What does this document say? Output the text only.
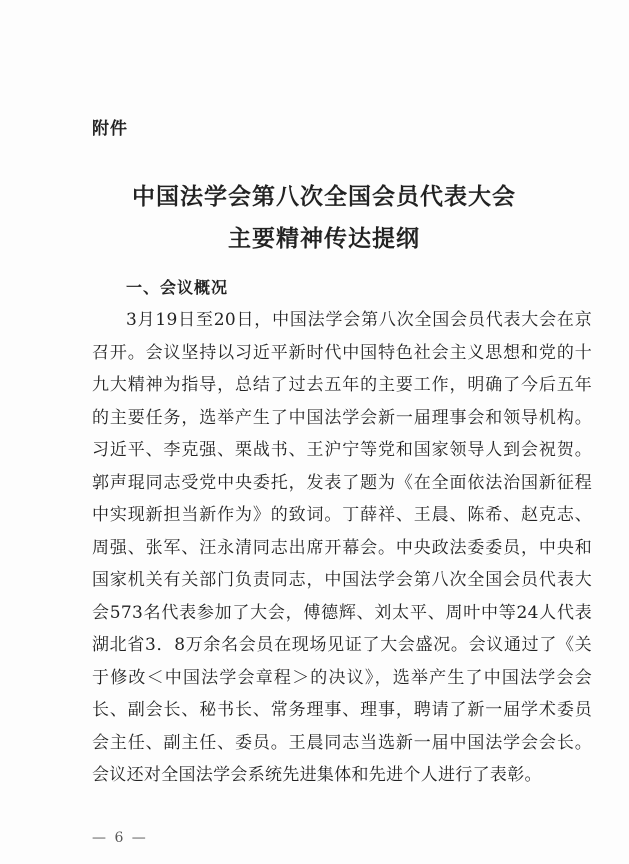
附件
中国法学会第八次全国会员代表大会
主要精神传达提纲
一、会议概况

3月19日至20日，中国法学会第八次全国会员代表大会在京召开。会议坚持以习近平新时代中国特色社会主义思想和党的十九大精神为指导，总结了过去五年的主要工作，明确了今后五年的主要任务，选举产生了中国法学会新一届理事会和领导机构。习近平、李克强、栗战书、王沪宁等党和国家领导人到会祝贺。郭声琨同志受党中央委托，发表了题为《在全面依法治国新征程中实现新担当新作为》的致词。丁薛祥、王晨、陈希、赵克志、周强、张军、汪永清同志出席开幕会。中央政法委委员，中央和国家机关有关部门负责同志，中国法学会第八次全国会员代表大会573名代表参加了大会，傅德辉、刘太平、周叶中等24人代表湖北省3．8万余名会员在现场见证了大会盛况。会议通过了《关于修改＜中国法学会章程＞的决议》，选举产生了中国法学会会长、副会长、秘书长、常务理事、理事，聘请了新一届学术委员会主任、副主任、委员。王晨同志当选新一届中国法学会会长。会议还对全国法学会系统先进集体和先进个人进行了表彰。

— 6 —
